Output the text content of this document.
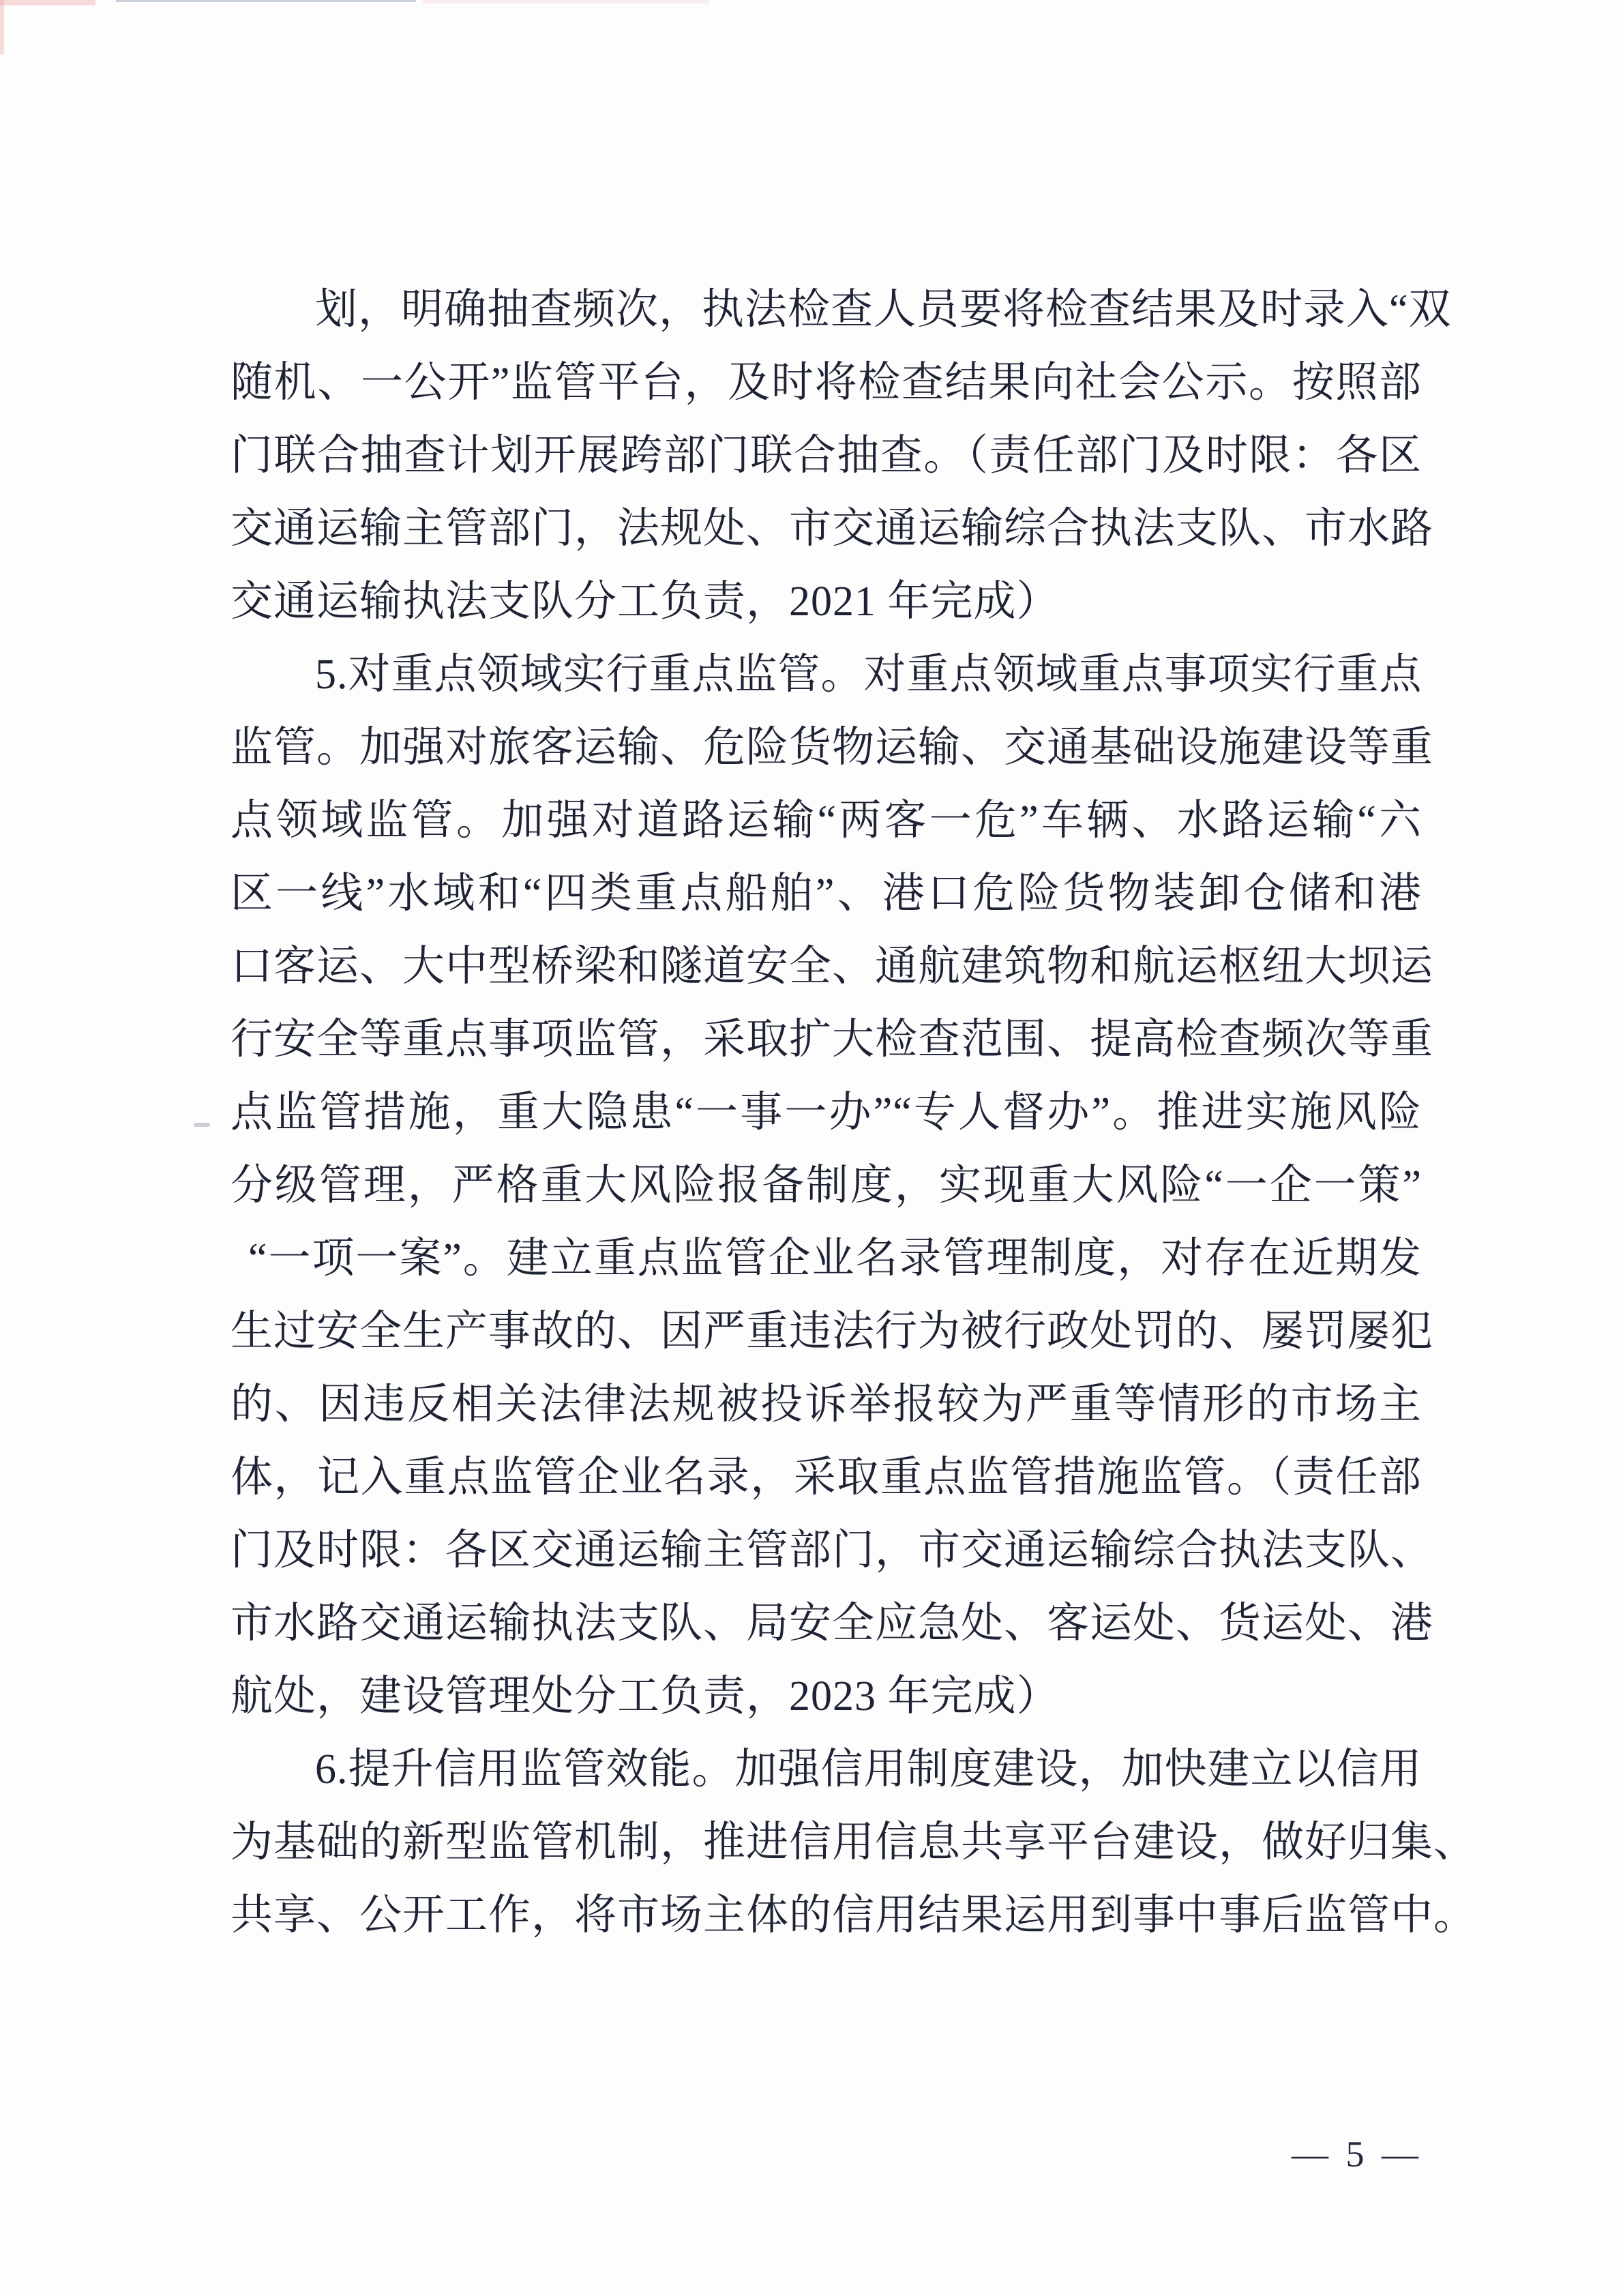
划，明确抽查频次，执法检查人员要将检查结果及时录入“双
随机、一公开”监管平台，及时将检查结果向社会公示。按照部
门联合抽查计划开展跨部门联合抽查。（责任部门及时限：各区
交通运输主管部门，法规处、市交通运输综合执法支队、市水路
交通运输执法支队分工负责，2021 年完成）
5.对重点领域实行重点监管。对重点领域重点事项实行重点
监管。加强对旅客运输、危险货物运输、交通基础设施建设等重
点领域监管。加强对道路运输“两客一危”车辆、水路运输“六
区一线”水域和“四类重点船舶”、港口危险货物装卸仓储和港
口客运、大中型桥梁和隧道安全、通航建筑物和航运枢纽大坝运
行安全等重点事项监管，采取扩大检查范围、提高检查频次等重
点监管措施，重大隐患“一事一办”“专人督办”。推进实施风险
分级管理，严格重大风险报备制度，实现重大风险“一企一策”
“一项一案”。建立重点监管企业名录管理制度，对存在近期发
生过安全生产事故的、因严重违法行为被行政处罚的、屡罚屡犯
的、因违反相关法律法规被投诉举报较为严重等情形的市场主
体，记入重点监管企业名录，采取重点监管措施监管。（责任部
门及时限：各区交通运输主管部门，市交通运输综合执法支队、
市水路交通运输执法支队、局安全应急处、客运处、货运处、港
航处，建设管理处分工负责，2023 年完成）
6.提升信用监管效能。加强信用制度建设，加快建立以信用
为基础的新型监管机制，推进信用信息共享平台建设，做好归集、
共享、公开工作，将市场主体的信用结果运用到事中事后监管中。
— 5 —
